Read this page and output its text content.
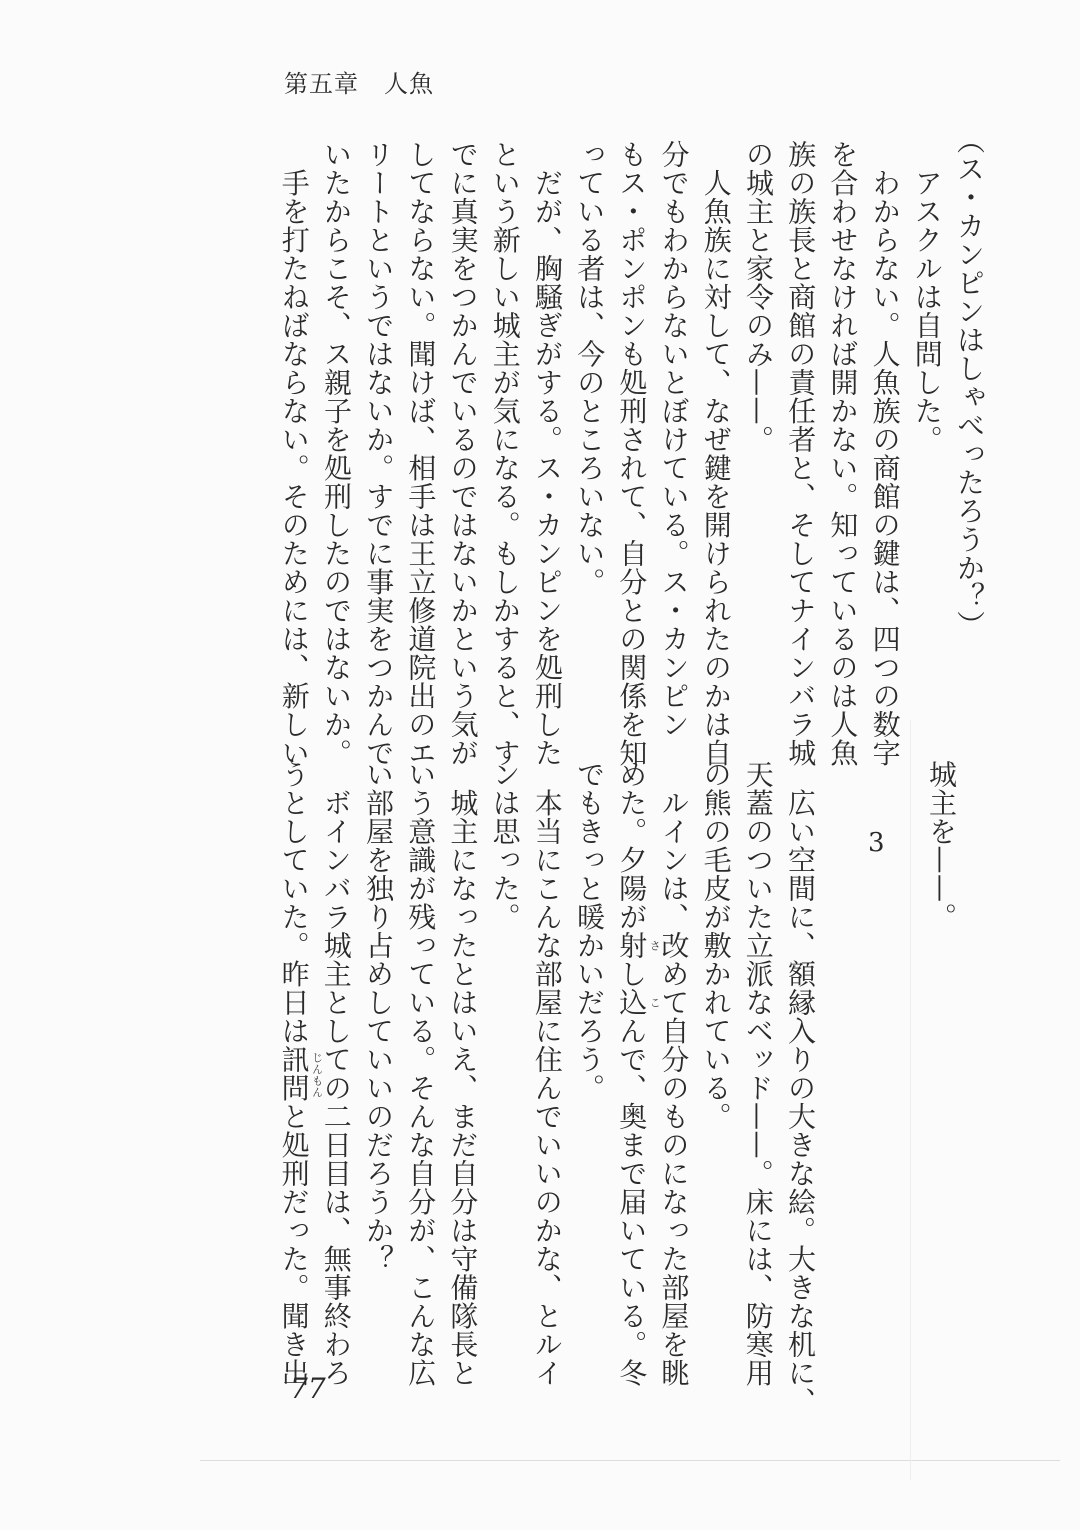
第五章　人魚
（ス・カンピンはしゃべったろうか？）
　アスクルは自問した。
　わからない。人魚族の商館の鍵は、四つの数字
を合わせなければ開かない。知っているのは人魚
族の族長と商館の責任者と、そしてナインバラ城
の城主と家令のみ——。
　人魚族に対して、なぜ鍵を開けられたのかは自
分でもわからないとぼけている。ス・カンピン
もス・ポンポンも処刑されて、自分との関係を知
っている者は、今のところいない。
　だが、胸騒ぎがする。ス・カンピンを処刑した
という新しい城主が気になる。もしかすると、す
でに真実をつかんでいるのではないかという気が
してならない。聞けば、相手は王立修道院出のエ
リートというではないか。すでに事実をつかんで
いたからこそ、ス親子を処刑したのではないか。
　手を打たねばならない。そのためには、新しい
城主を——。
3
　広い空間に、額縁入りの大きな絵。大きな机に、
天蓋のついた立派なベッド——。床には、防寒用
の熊の毛皮が敷かれている。
　ルインは、改めて自分のものになった部屋を眺
めた。夕陽が射し込んで、奥まで届いている。冬 さ
こ
でもきっと暖かいだろう。
　本当にこんな部屋に住んでいいのかな、とルイ
ンは思った。
　城主になったとはいえ、まだ自分は守備隊長と
いう意識が残っている。そんな自分が、こんな広
い部屋を独り占めしていいのだろうか？
　ボインバラ城主としての二日目は、無事終わろ
うとしていた。昨日は訊問と処刑だった。聞き出 じんもん
77
